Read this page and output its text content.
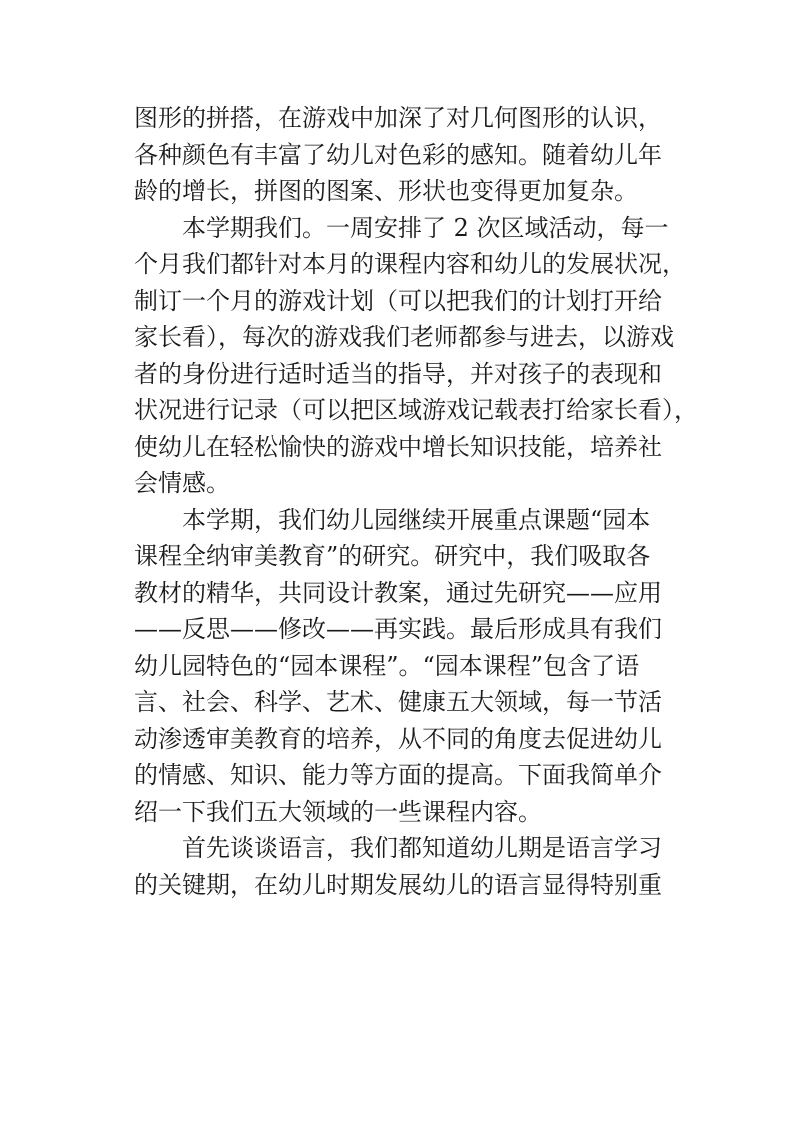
图形的拼搭，在游戏中加深了对几何图形的认识，
各种颜色有丰富了幼儿对色彩的感知。随着幼儿年
龄的增长，拼图的图案、形状也变得更加复杂。
本学期我们。一周安排了 2 次区域活动，每一
个月我们都针对本月的课程内容和幼儿的发展状况，
制订一个月的游戏计划（可以把我们的计划打开给
家长看），每次的游戏我们老师都参与进去，以游戏
者的身份进行适时适当的指导，并对孩子的表现和
状况进行记录（可以把区域游戏记载表打给家长看），
使幼儿在轻松愉快的游戏中增长知识技能，培养社
会情感。
本学期，我们幼儿园继续开展重点课题“园本
课程全纳审美教育”的研究。研究中，我们吸取各
教材的精华，共同设计教案，通过先研究——应用
——反思——修改——再实践。最后形成具有我们
幼儿园特色的“园本课程”。“园本课程”包含了语
言、社会、科学、艺术、健康五大领域，每一节活
动渗透审美教育的培养，从不同的角度去促进幼儿
的情感、知识、能力等方面的提高。下面我简单介
绍一下我们五大领域的一些课程内容。
首先谈谈语言，我们都知道幼儿期是语言学习
的关键期，在幼儿时期发展幼儿的语言显得特别重
